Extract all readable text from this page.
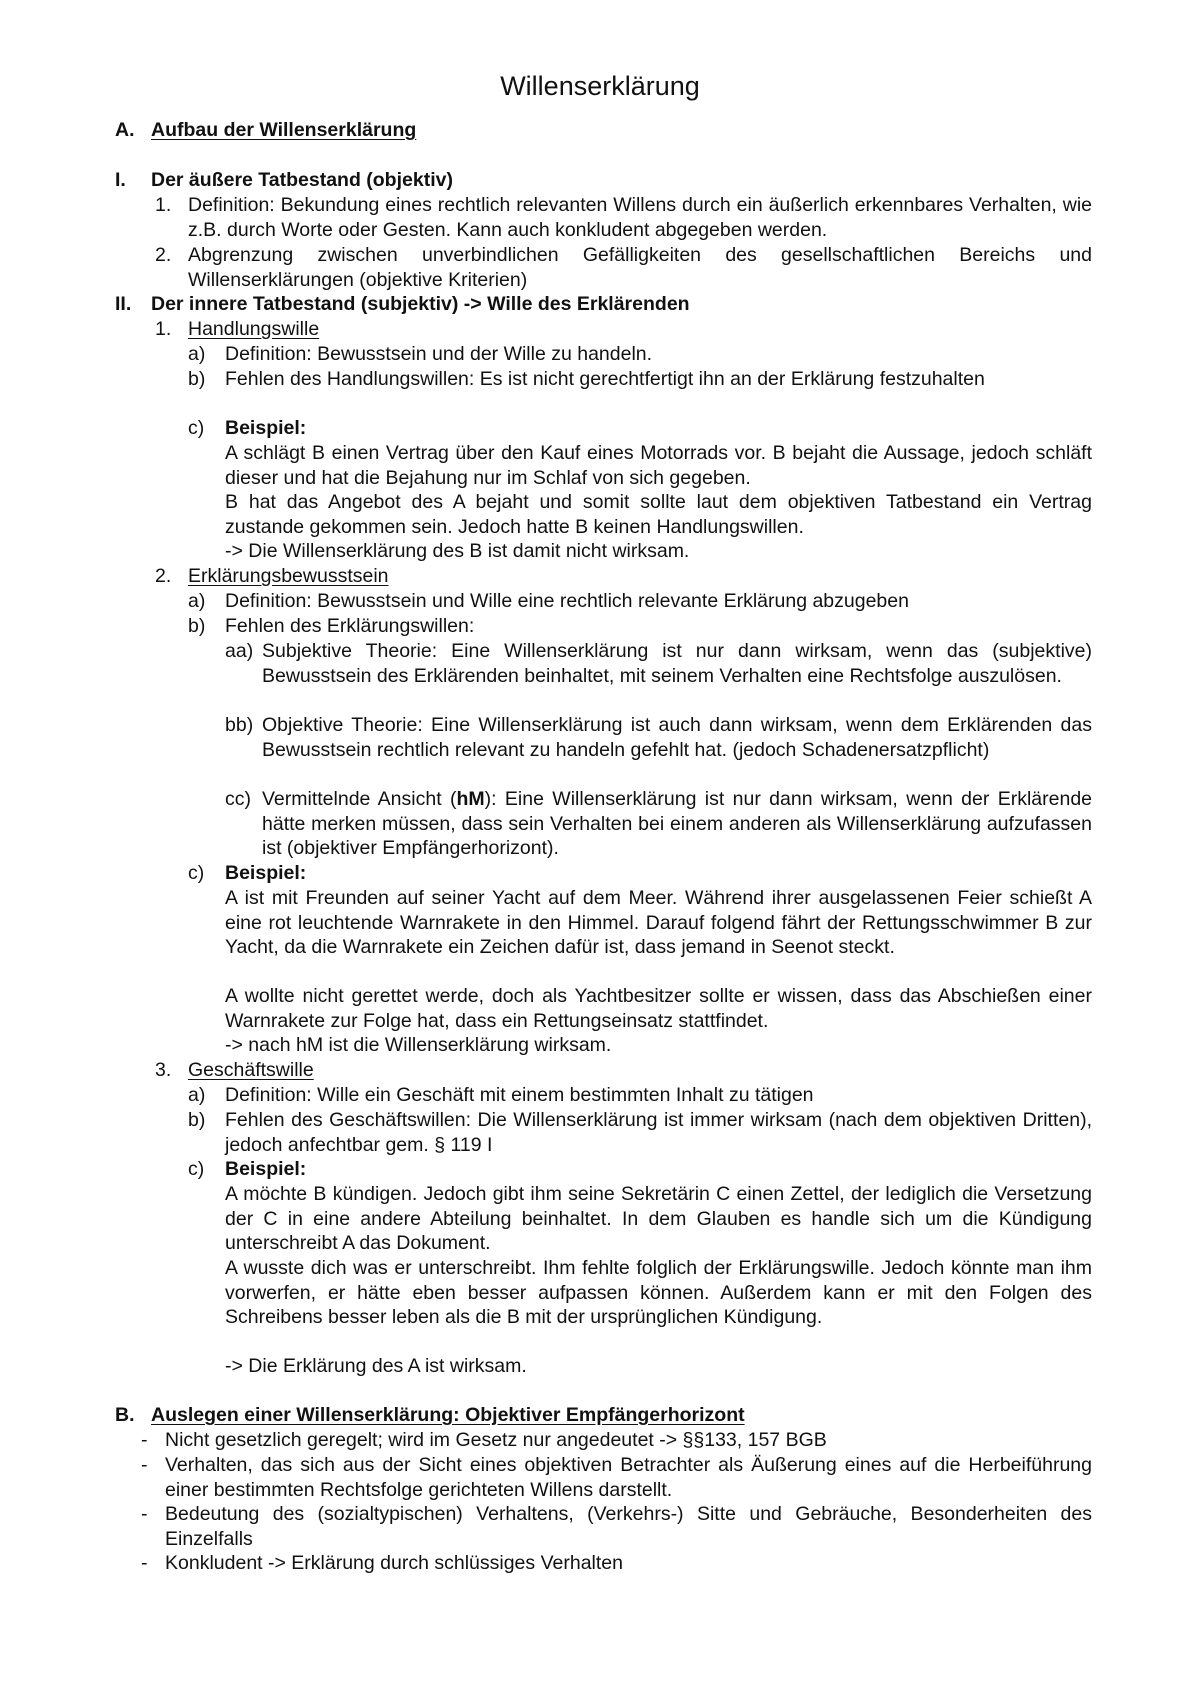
Willenserklärung
A. Aufbau der Willenserklärung
I. Der äußere Tatbestand (objektiv)
1. Definition: Bekundung eines rechtlich relevanten Willens durch ein äußerlich erkennbares Verhalten, wie z.B. durch Worte oder Gesten. Kann auch konkludent abgegeben werden.
2. Abgrenzung zwischen unverbindlichen Gefälligkeiten des gesellschaftlichen Bereichs und Willenserklärungen (objektive Kriterien)
II. Der innere Tatbestand (subjektiv) -> Wille des Erklärenden
1. Handlungswille
a) Definition: Bewusstsein und der Wille zu handeln.
b) Fehlen des Handlungswillen: Es ist nicht gerechtfertigt ihn an der Erklärung festzuhalten
c) Beispiel:
A schlägt B einen Vertrag über den Kauf eines Motorrads vor. B bejaht die Aussage, jedoch schläft dieser und hat die Bejahung nur im Schlaf von sich gegeben.
B hat das Angebot des A bejaht und somit sollte laut dem objektiven Tatbestand ein Vertrag zustande gekommen sein. Jedoch hatte B keinen Handlungswillen.
-> Die Willenserklärung des B ist damit nicht wirksam.
2. Erklärungsbewusstsein
a) Definition: Bewusstsein und Wille eine rechtlich relevante Erklärung abzugeben
b) Fehlen des Erklärungswillen:
aa) Subjektive Theorie: Eine Willenserklärung ist nur dann wirksam, wenn das (subjektive) Bewusstsein des Erklärenden beinhaltet, mit seinem Verhalten eine Rechtsfolge auszulösen.
bb) Objektive Theorie: Eine Willenserklärung ist auch dann wirksam, wenn dem Erklärenden das Bewusstsein rechtlich relevant zu handeln gefehlt hat. (jedoch Schadenersatzpflicht)
cc) Vermittelnde Ansicht (hM): Eine Willenserklärung ist nur dann wirksam, wenn der Erklärende hätte merken müssen, dass sein Verhalten bei einem anderen als Willenserklärung aufzufassen ist (objektiver Empfängerhorizont).
c) Beispiel:
A ist mit Freunden auf seiner Yacht auf dem Meer. Während ihrer ausgelassenen Feier schießt A eine rot leuchtende Warnrakete in den Himmel. Darauf folgend fährt der Rettungsschwimmer B zur Yacht, da die Warnrakete ein Zeichen dafür ist, dass jemand in Seenot steckt.
A wollte nicht gerettet werde, doch als Yachtbesitzer sollte er wissen, dass das Abschießen einer Warnrakete zur Folge hat, dass ein Rettungseinsatz stattfindet.
-> nach hM ist die Willenserklärung wirksam.
3. Geschäftswille
a) Definition: Wille ein Geschäft mit einem bestimmten Inhalt zu tätigen
b) Fehlen des Geschäftswillen: Die Willenserklärung ist immer wirksam (nach dem objektiven Dritten), jedoch anfechtbar gem. § 119 I
c) Beispiel:
A möchte B kündigen. Jedoch gibt ihm seine Sekretärin C einen Zettel, der lediglich die Versetzung der C in eine andere Abteilung beinhaltet. In dem Glauben es handle sich um die Kündigung unterschreibt A das Dokument.
A wusste dich was er unterschreibt. Ihm fehlte folglich der Erklärungswille. Jedoch könnte man ihm vorwerfen, er hätte eben besser aufpassen können. Außerdem kann er mit den Folgen des Schreibens besser leben als die B mit der ursprünglichen Kündigung.
-> Die Erklärung des A ist wirksam.
B. Auslegen einer Willenserklärung: Objektiver Empfängerhorizont
- Nicht gesetzlich geregelt; wird im Gesetz nur angedeutet -> §§133, 157 BGB
- Verhalten, das sich aus der Sicht eines objektiven Betrachter als Äußerung eines auf die Herbeiführung einer bestimmten Rechtsfolge gerichteten Willens darstellt.
- Bedeutung des (sozialtypischen) Verhaltens, (Verkehrs-) Sitte und Gebräuche, Besonderheiten des Einzelfalls
- Konkludent -> Erklärung durch schlüssiges Verhalten
